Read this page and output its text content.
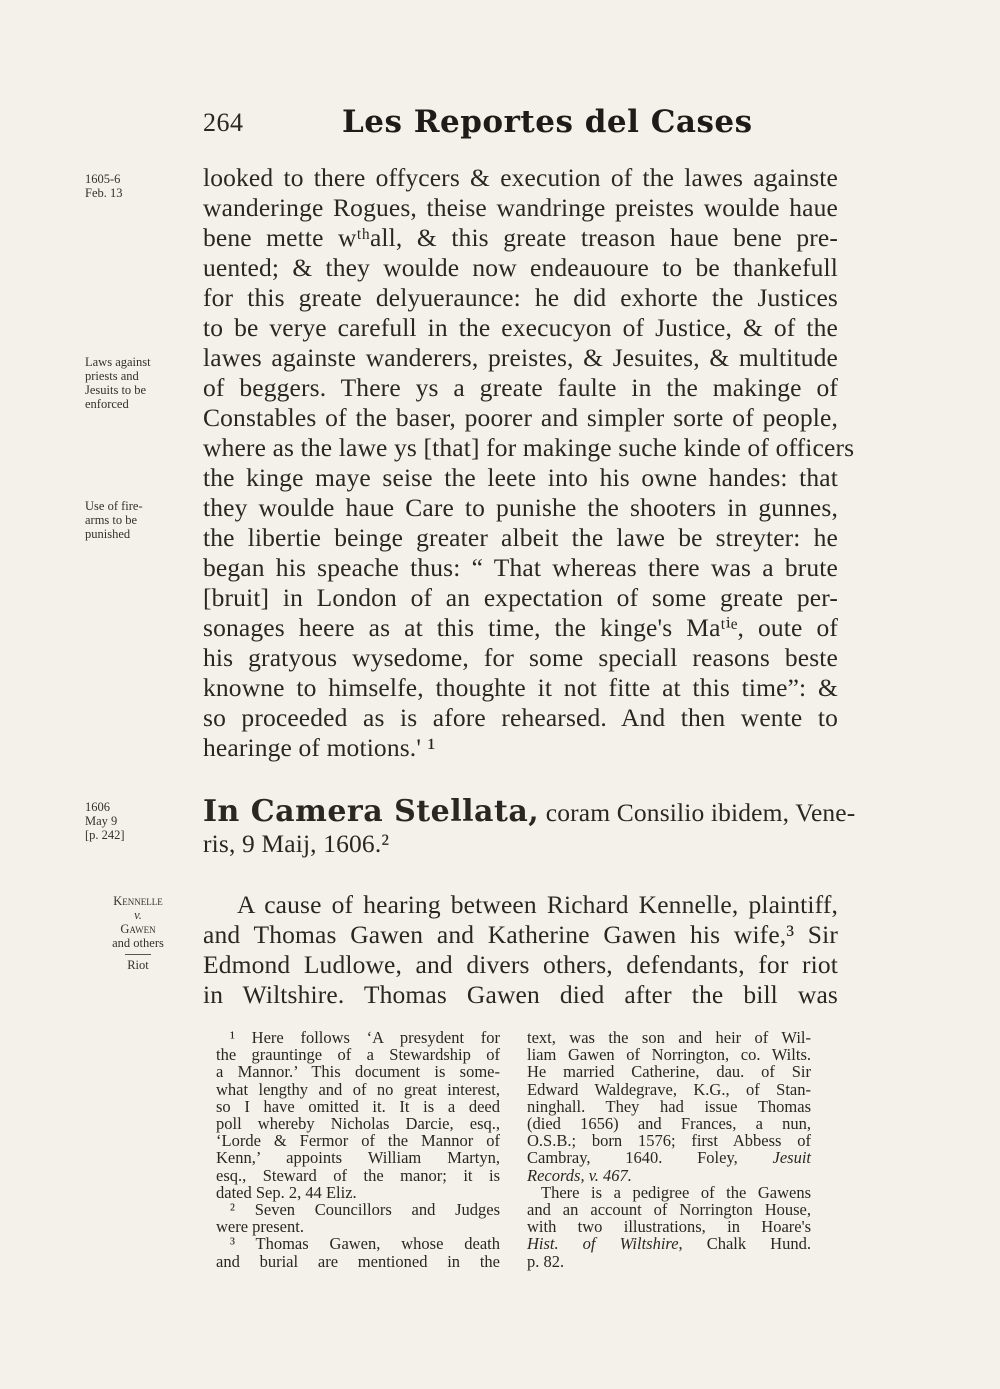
264	Les Reportes del Cases
1605-6
Feb. 13
Laws against
priests and
Jesuits to be
enforced
Use of fire-
arms to be
punished
1606
May 9
[p. 242]
Kennelle
v.
Gawen
and others
Riot
looked to there offycers & execution of the lawes againste
wanderinge Rogues, theise wandringe preistes woulde haue
bene mette wᵗʰall, & this greate treason haue bene pre-
uented; & they woulde now endeauoure to be thankefull
for this greate delyueraunce: he did exhorte the Justices
to be verye carefull in the execucyon of Justice, & of the
lawes againste wanderers, preistes, & Jesuites, & multitude
of beggers. There ys a greate faulte in the makinge of
Constables of the baser, poorer and simpler sorte of people,
where as the lawe ys [that] for makinge suche kinde of officers
the kinge maye seise the leete into his owne handes: that
they woulde haue Care to punishe the shooters in gunnes,
the libertie beinge greater albeit the lawe be streyter: he
began his speache thus: “ That whereas there was a brute
[bruit] in London of an expectation of some greate per-
sonages heere as at this time, the kinge's Maᵗⁱᵉ, oute of
his gratyous wysedome, for some speciall reasons beste
knowne to himselfe, thoughte it not fitte at this time”: &
so proceeded as is afore rehearsed. And then wente to
hearinge of motions.' ¹
In Camera Stellata, coram Consilio ibidem, Vene-
ris, 9 Maij, 1606.²
A cause of hearing between Richard Kennelle, plaintiff,
and Thomas Gawen and Katherine Gawen his wife,³ Sir
Edmond Ludlowe, and divers others, defendants, for riot
in Wiltshire. Thomas Gawen died after the bill was
¹ Here follows ‘A presydent for
the grauntinge of a Stewardship of
a Mannor.’ This document is some-
what lengthy and of no great interest,
so I have omitted it. It is a deed
poll whereby Nicholas Darcie, esq.,
‘Lorde & Fermor of the Mannor of
Kenn,’ appoints William Martyn,
esq., Steward of the manor; it is
dated Sep. 2, 44 Eliz.
² Seven Councillors and Judges
were present.
³ Thomas Gawen, whose death
and burial are mentioned in the
text, was the son and heir of Wil-
liam Gawen of Norrington, co. Wilts.
He married Catherine, dau. of Sir
Edward Waldegrave, K.G., of Stan-
ninghall. They had issue Thomas
(died 1656) and Frances, a nun,
O.S.B.; born 1576; first Abbess of
Cambray, 1640. Foley, Jesuit
Records, v. 467.
There is a pedigree of the Gawens
and an account of Norrington House,
with two illustrations, in Hoare's
Hist. of Wiltshire, Chalk Hund.
p. 82.
